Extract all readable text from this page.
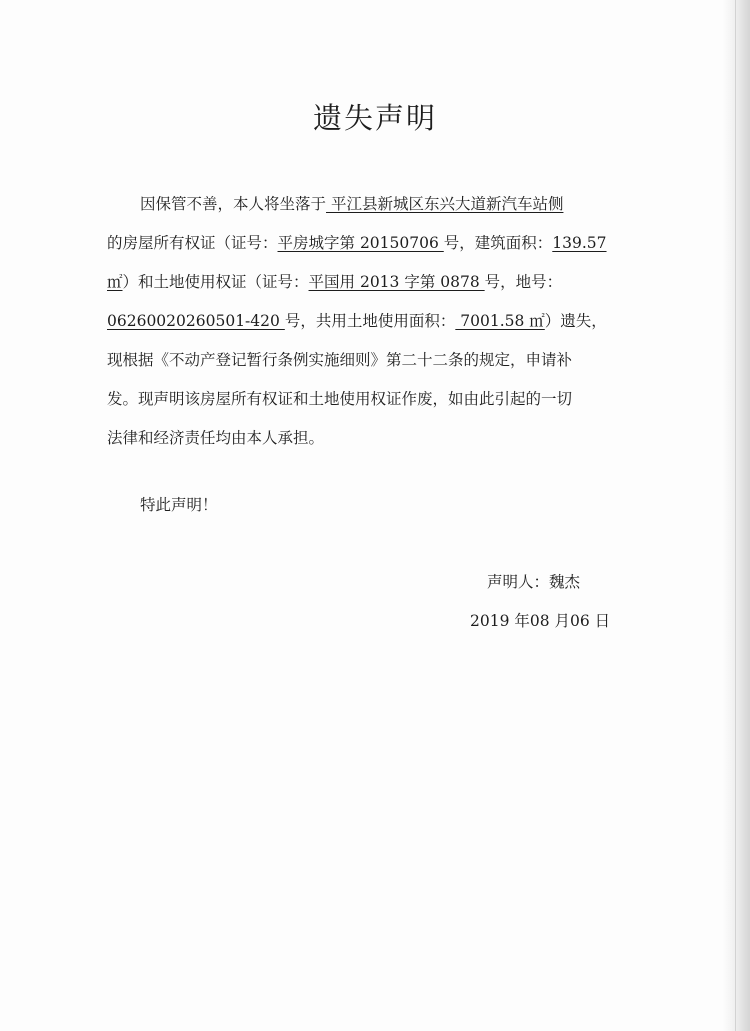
遗失声明
因保管不善，本人将坐落于 平江县新城区东兴大道新汽车站侧
的房屋所有权证（证号：平房城字第 20150706 号，建筑面积：139.57
㎡）和土地使用权证（证号：平国用 2013 字第 0878 号，地号：
06260020260501-420 号，共用土地使用面积： 7001.58 ㎡）遗失，
现根据《不动产登记暂行条例实施细则》第二十二条的规定，申请补
发。现声明该房屋所有权证和土地使用权证作废，如由此引起的一切
法律和经济责任均由本人承担。
特此声明！
声明人：魏杰
2019 年08 月06 日
